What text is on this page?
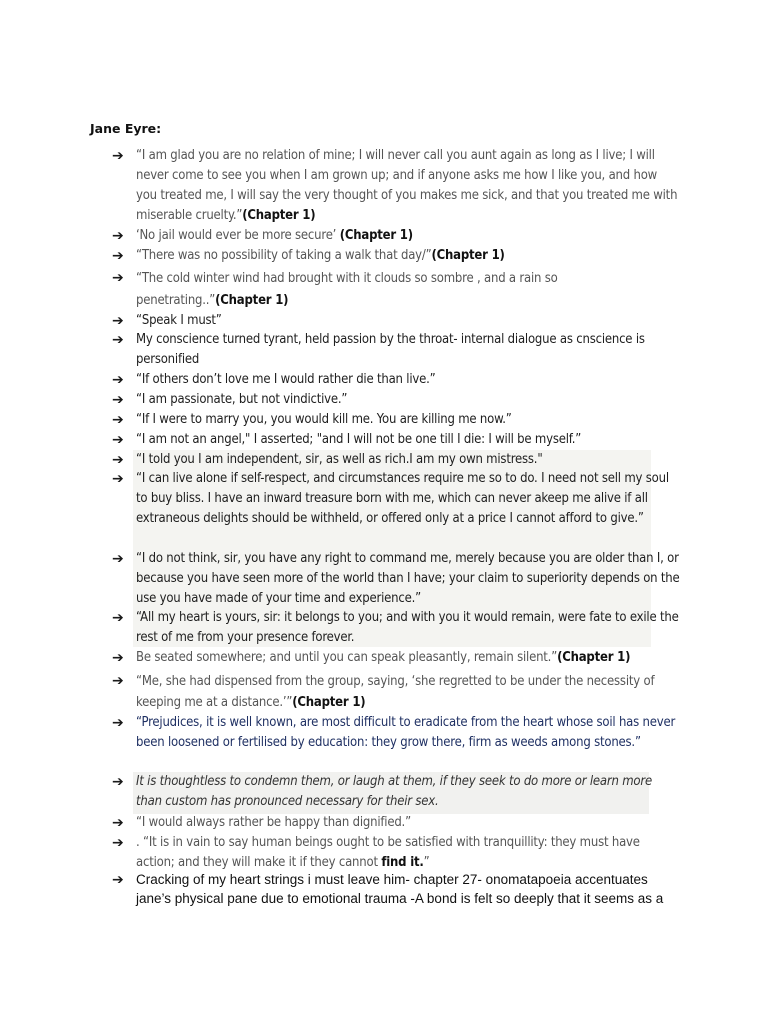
Jane Eyre:
➔ “I am glad you are no relation of mine; I will never call you aunt again as long as I live; I will never come to see you when I am grown up; and if anyone asks me how I like you, and how you treated me, I will say the very thought of you makes me sick, and that you treated me with miserable cruelty.”(Chapter 1)
➔ ‘No jail would ever be more secure’ (Chapter 1)
➔ “There was no possibility of taking a walk that day/”(Chapter 1)
➔ “The cold winter wind had brought with it clouds so sombre , and a rain so penetrating..”(Chapter 1)
➔ “Speak I must”
➔ My conscience turned tyrant, held passion by the throat- internal dialogue as cnscience is personified
➔ “If others don’t love me I would rather die than live.”
➔ “I am passionate, but not vindictive.”
➔ “If I were to marry you, you would kill me. You are killing me now.”
➔ “I am not an angel," I asserted; "and I will not be one till I die: I will be myself.”
➔ “I told you I am independent, sir, as well as rich.I am my own mistress."
➔ “I can live alone if self-respect, and circumstances require me so to do. I need not sell my soul to buy bliss. I have an inward treasure born with me, which can never akeep me alive if all extraneous delights should be withheld, or offered only at a price I cannot afford to give.”
➔ “I do not think, sir, you have any right to command me, merely because you are older than I, or because you have seen more of the world than I have; your claim to superiority depends on the use you have made of your time and experience.”
➔ “All my heart is yours, sir: it belongs to you; and with you it would remain, were fate to exile the rest of me from your presence forever.
➔ Be seated somewhere; and until you can speak pleasantly, remain silent.”(Chapter 1)
➔ “Me, she had dispensed from the group, saying, ‘she regretted to be under the necessity of keeping me at a distance.’”(Chapter 1)
➔ “Prejudices, it is well known, are most difficult to eradicate from the heart whose soil has never been loosened or fertilised by education: they grow there, firm as weeds among stones.”
➔ It is thoughtless to condemn them, or laugh at them, if they seek to do more or learn more than custom has pronounced necessary for their sex.
➔ “I would always rather be happy than dignified.”
➔ . “It is in vain to say human beings ought to be satisfied with tranquillity: they must have action; and they will make it if they cannot find it.”
➔ Cracking of my heart strings i must leave him- chapter 27- onomatapoeia accentuates jane’s physical pane due to emotional trauma -A bond is felt so deeply that it seems as a
